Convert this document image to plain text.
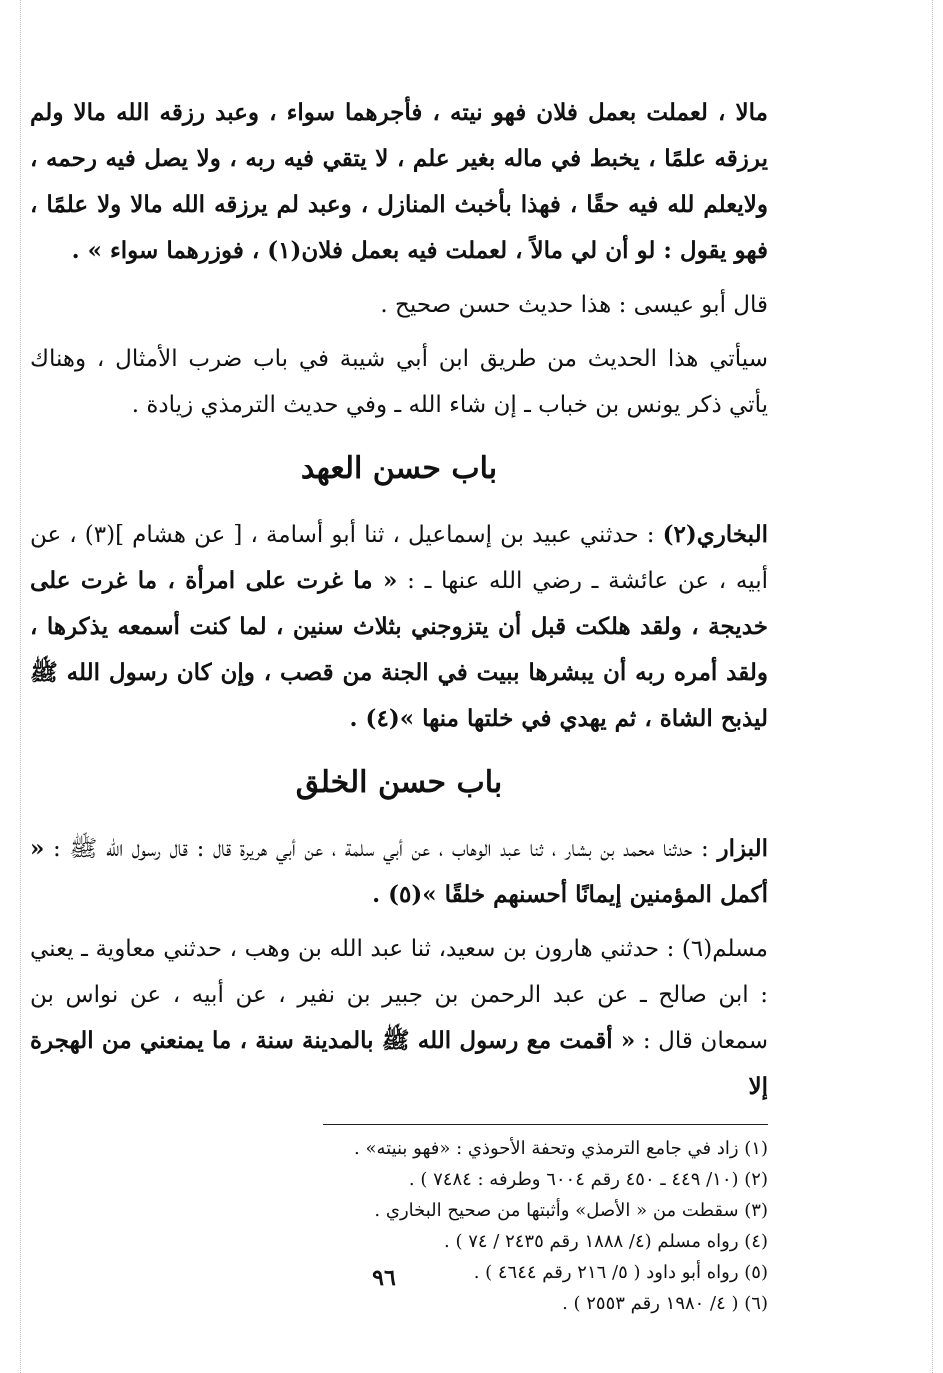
مالا ، لعملت بعمل فلان فهو نيته ، فأجرهما سواء ، وعبد رزقه الله مالا ولم يرزقه علمًا ، يخبط في ماله بغير علم ، لا يتقي فيه ربه ، ولا يصل فيه رحمه ، ولايعلم لله فيه حقًا ، فهذا بأخبث المنازل ، وعبد لم يرزقه الله مالا ولا علمًا ، فهو يقول : لو أن لي مالاً ، لعملت فيه بعمل فلان(١) ، فوزرهما سواء » .

قال أبو عيسى : هذا حديث حسن صحيح .

سيأتي هذا الحديث من طريق ابن أبي شيبة في باب ضرب الأمثال ، وهناك يأتي ذكر يونس بن خباب ـ إن شاء الله ـ وفي حديث الترمذي زيادة .

باب حسن العهد

البخاري(٢) : حدثني عبيد بن إسماعيل ، ثنا أبو أسامة ، [ عن هشام ](٣) ، عن أبيه ، عن عائشة ـ رضي الله عنها ـ : « ما غرت على امرأة ، ما غرت على خديجة ، ولقد هلكت قبل أن يتزوجني بثلاث سنين ، لما كنت أسمعه يذكرها ، ولقد أمره ربه أن يبشرها ببيت في الجنة من قصب ، وإن كان رسول الله ﷺ ليذبح الشاة ، ثم يهدي في خلتها منها »(٤) .

باب حسن الخلق

البزار : حدثنا محمد بن بشار ، ثنا عبد الوهاب ، عن أبي سلمة ، عن أبي هريرة قال : قال رسول الله ﷺ : « أكمل المؤمنين إيمانًا أحسنهم خلقًا »(٥) .

مسلم(٦) : حدثني هارون بن سعيد، ثنا عبد الله بن وهب ، حدثني معاوية ـ يعني : ابن صالح ـ عن عبد الرحمن بن جبير بن نفير ، عن أبيه ، عن نواس بن سمعان قال : « أقمت مع رسول الله ﷺ بالمدينة سنة ، ما يمنعني من الهجرة إلا

(١) زاد في جامع الترمذي وتحفة الأحوذي : «فهو بنيته» .

(٢) (١٠/ ٤٤٩ ـ ٤٥٠ رقم ٦٠٠٤ وطرفه : ٧٤٨٤ ) .

(٣) سقطت من « الأصل» وأثبتها من صحيح البخاري .

(٤) رواه مسلم (٤/ ١٨٨٨ رقم ٢٤٣٥ / ٧٤ ) .

(٥) رواه أبو داود ( ٥/ ٢١٦ رقم ٤٦٤٤ ) .

(٦) ( ٤/ ١٩٨٠ رقم ٢٥٥٣ ) .

٩٦
